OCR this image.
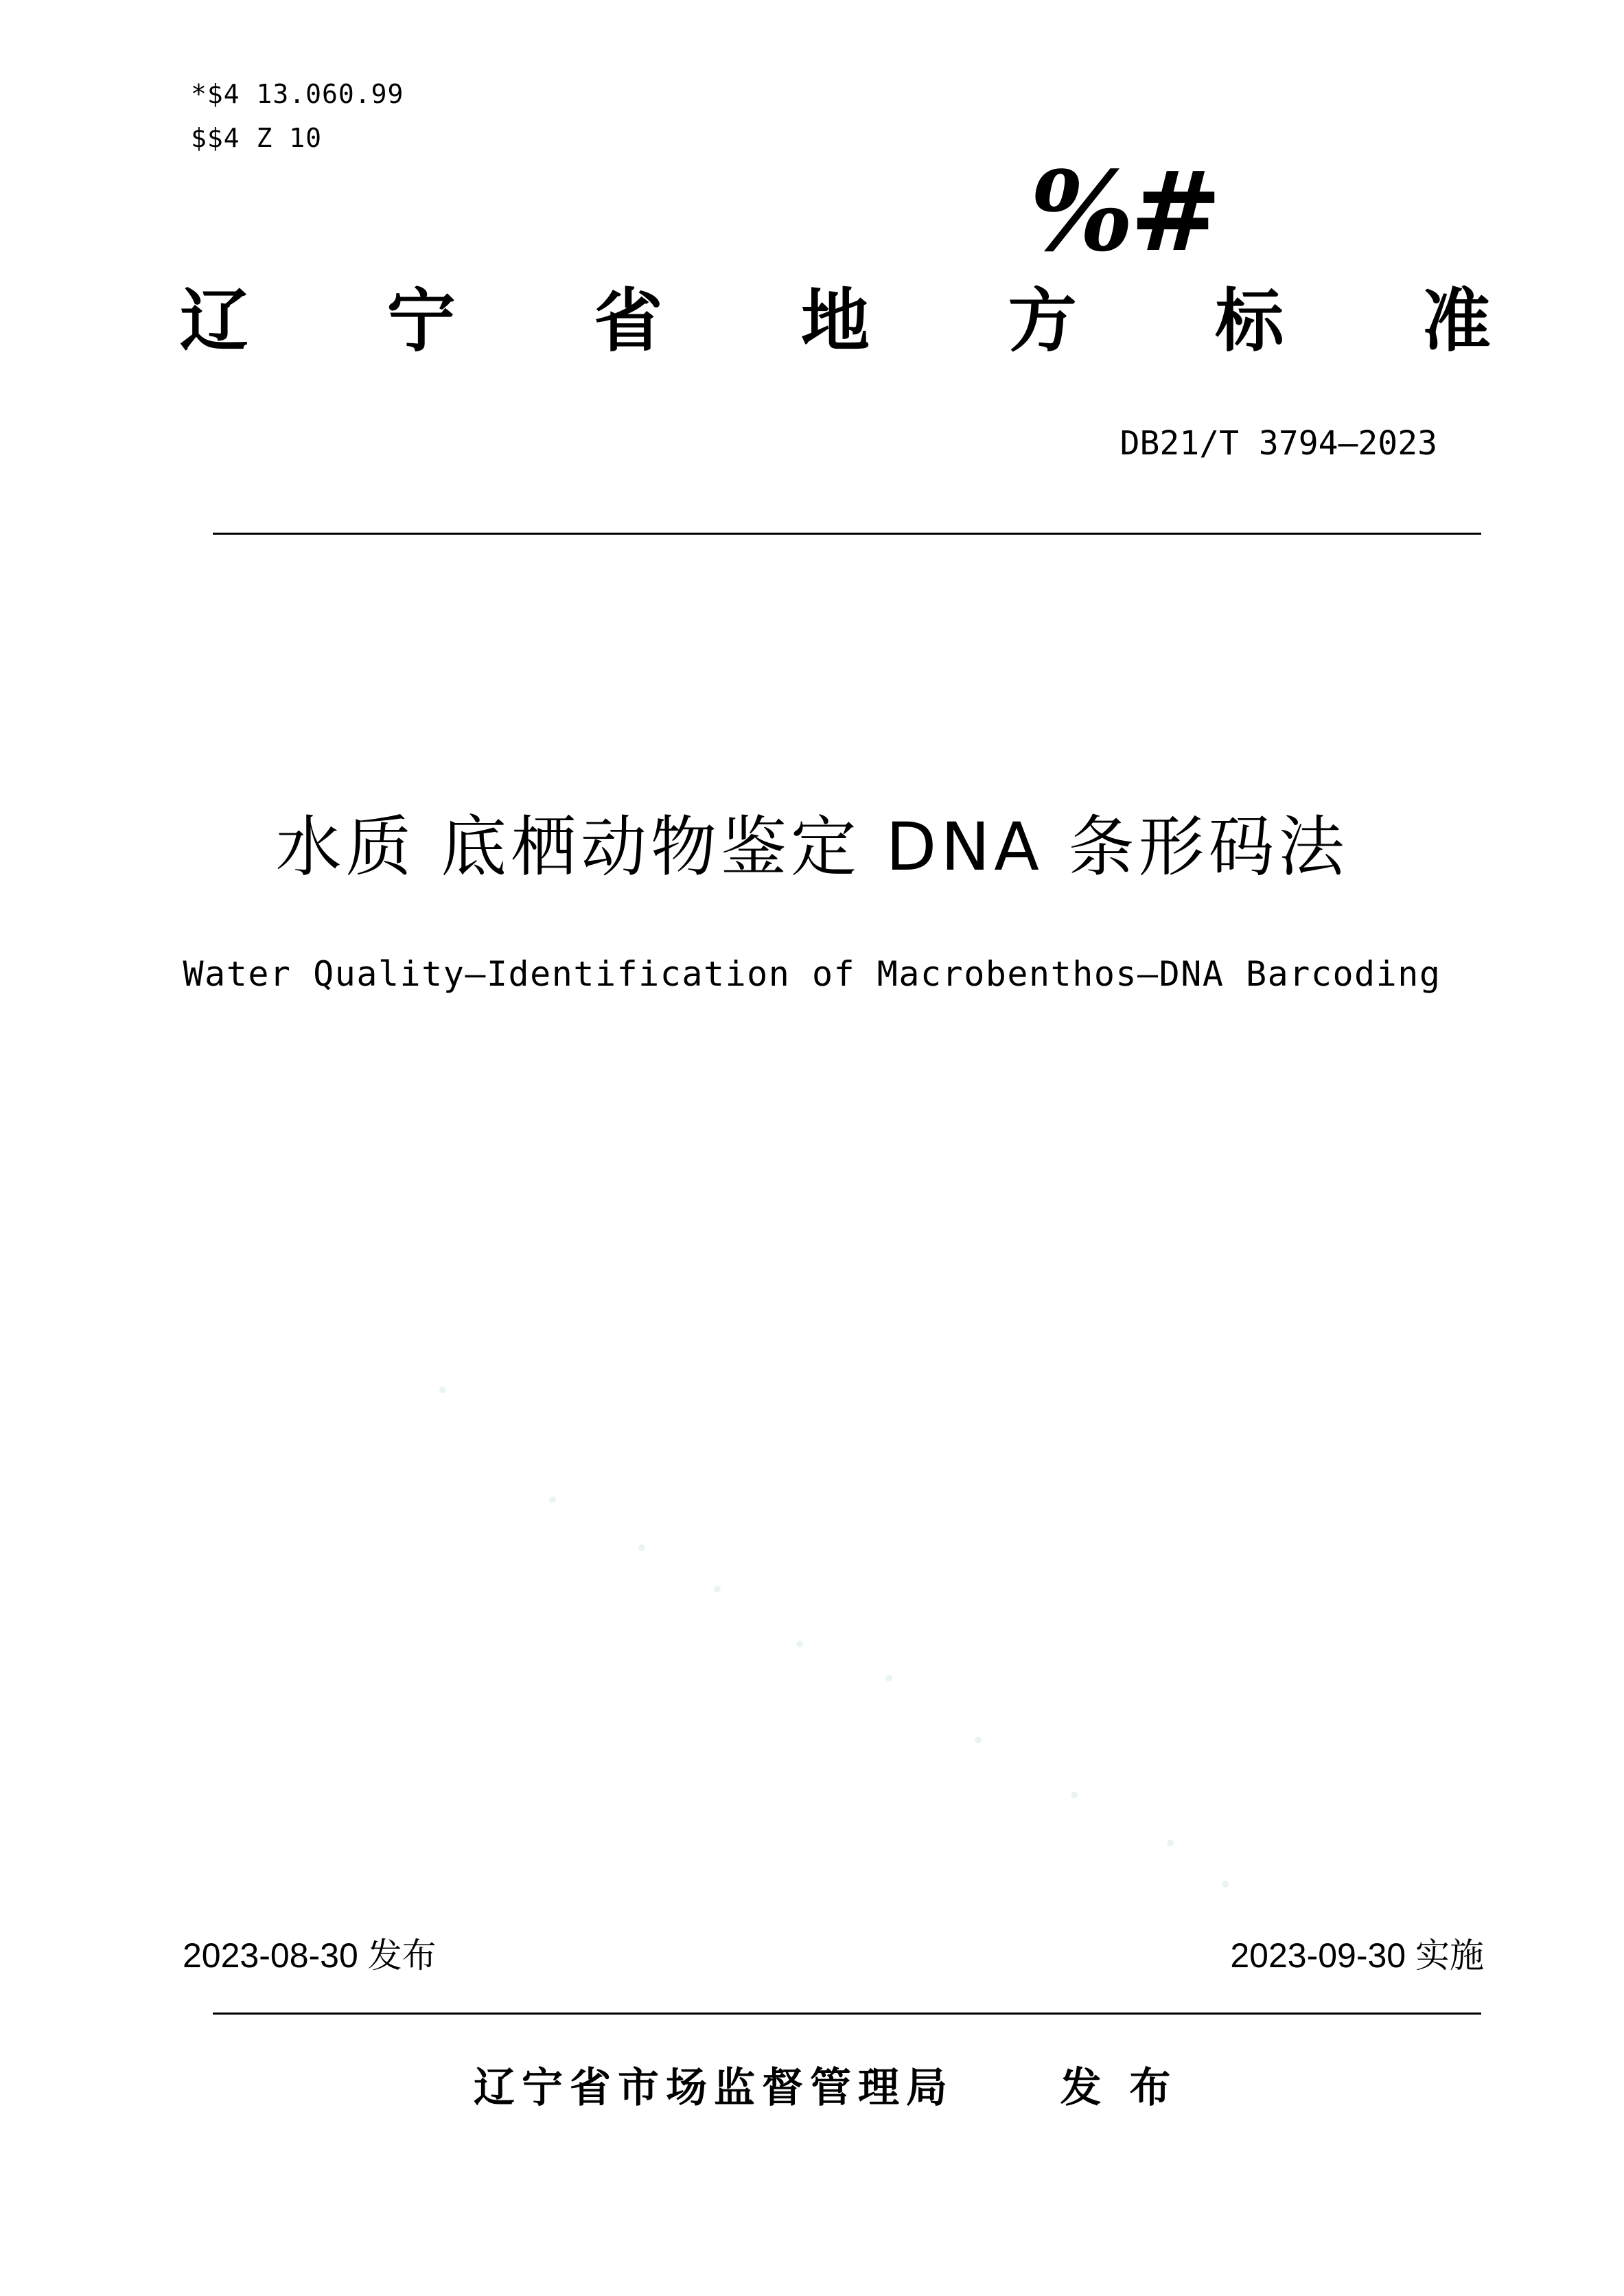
*$4 13.060.99
$$4 Z 10
%#
辽 宁 省 地 方 标 准
DB21/T 3794—2023
水质 底栖动物鉴定 DNA 条形码法
Water Quality—Identification of Macrobenthos—DNA Barcoding
2023-08-30 发布	2023-09-30 实施
辽宁省市场监督管理局	发 布
